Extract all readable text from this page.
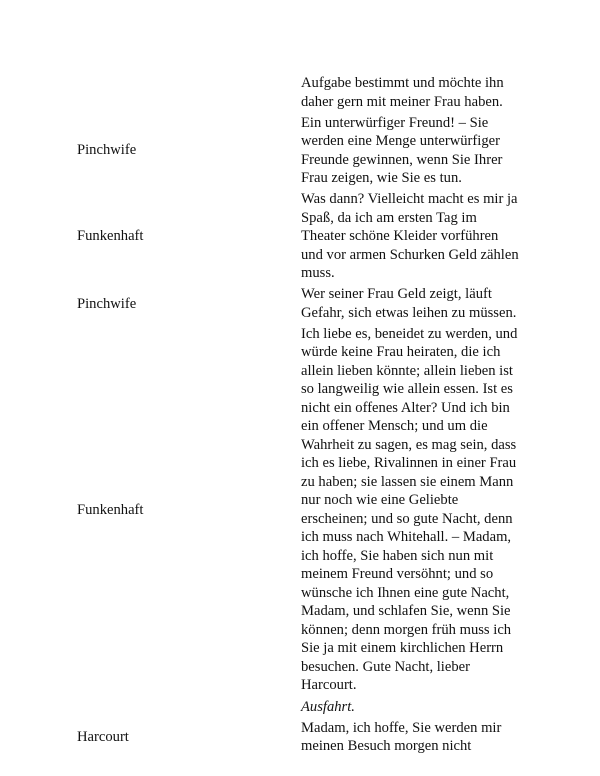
Aufgabe bestimmt und möchte ihn
daher gern mit meiner Frau haben.
Pinchwife
Ein unterwürfiger Freund! – Sie
werden eine Menge unterwürfiger
Freunde gewinnen, wenn Sie Ihrer
Frau zeigen, wie Sie es tun.
Funkenhaft
Was dann? Vielleicht macht es mir ja
Spaß, da ich am ersten Tag im
Theater schöne Kleider vorführen
und vor armen Schurken Geld zählen
muss.
Pinchwife
Wer seiner Frau Geld zeigt, läuft
Gefahr, sich etwas leihen zu müssen.
Funkenhaft
Ich liebe es, beneidet zu werden, und
würde keine Frau heiraten, die ich
allein lieben könnte; allein lieben ist
so langweilig wie allein essen. Ist es
nicht ein offenes Alter? Und ich bin
ein offener Mensch; und um die
Wahrheit zu sagen, es mag sein, dass
ich es liebe, Rivalinnen in einer Frau
zu haben; sie lassen sie einem Mann
nur noch wie eine Geliebte
erscheinen; und so gute Nacht, denn
ich muss nach Whitehall. – Madam,
ich hoffe, Sie haben sich nun mit
meinem Freund versöhnt; und so
wünsche ich Ihnen eine gute Nacht,
Madam, und schlafen Sie, wenn Sie
können; denn morgen früh muss ich
Sie ja mit einem kirchlichen Herrn
besuchen. Gute Nacht, lieber
Harcourt.
Ausfahrt.
Harcourt
Madam, ich hoffe, Sie werden mir
meinen Besuch morgen nicht
